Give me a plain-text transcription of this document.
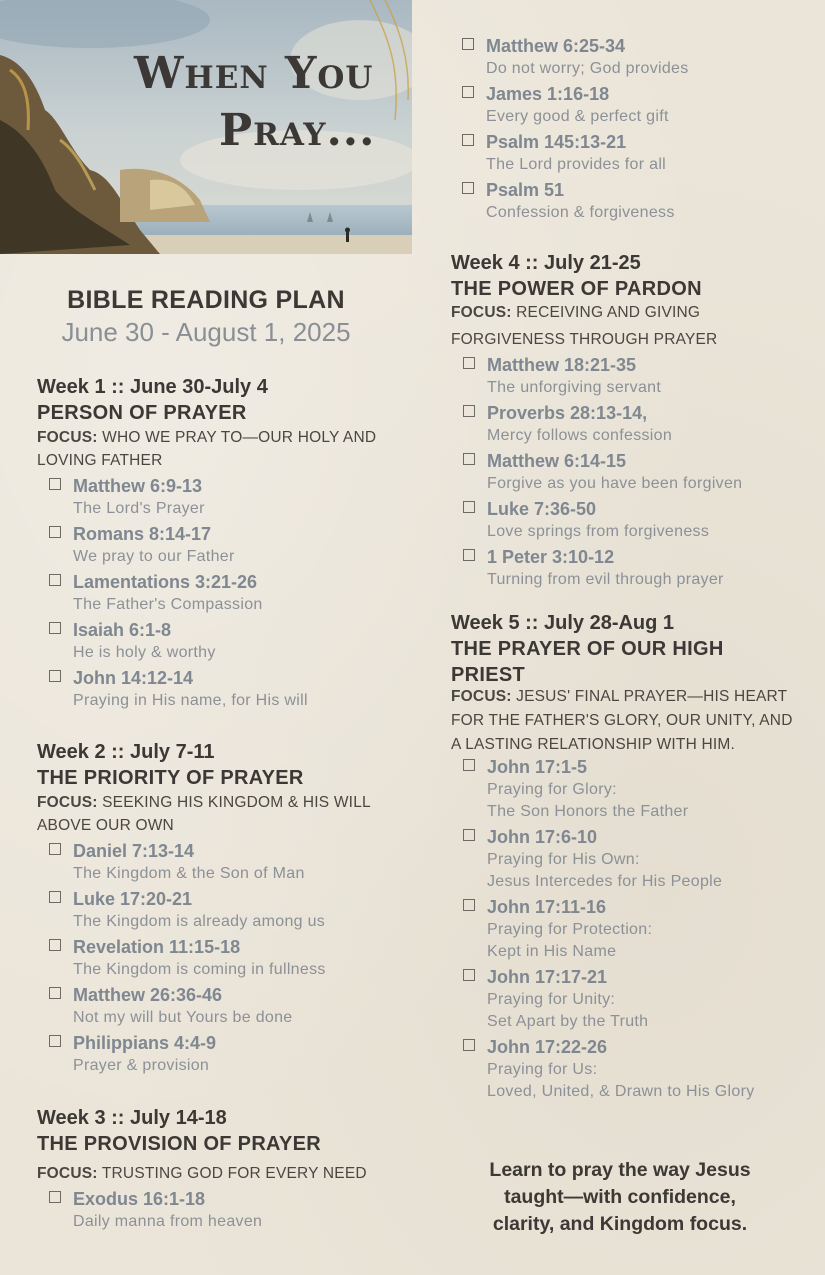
When You
Pray...
BIBLE READING PLAN
June 30 - August 1, 2025
Week 1 :: June 30-July 4
PERSON OF PRAYER
FOCUS: WHO WE PRAY TO—OUR HOLY AND LOVING FATHER
Matthew 6:9-13
The Lord's Prayer
Romans 8:14-17
We pray to our Father
Lamentations 3:21-26
The Father's Compassion
Isaiah 6:1-8
He is holy & worthy
John 14:12-14
Praying in His name, for His will
Week 2 :: July 7-11
THE PRIORITY OF PRAYER
FOCUS: SEEKING HIS KINGDOM & HIS WILL ABOVE OUR OWN
Daniel 7:13-14
The Kingdom & the Son of Man
Luke 17:20-21
The Kingdom is already among us
Revelation 11:15-18
The Kingdom is coming in fullness
Matthew 26:36-46
Not my will but Yours be done
Philippians 4:4-9
Prayer & provision
Week 3 :: July 14-18
THE PROVISION OF PRAYER
FOCUS: TRUSTING GOD FOR EVERY NEED
Exodus 16:1-18
Daily manna from heaven
Matthew 6:25-34
Do not worry; God provides
James 1:16-18
Every good & perfect gift
Psalm 145:13-21
The Lord provides for all
Psalm 51
Confession & forgiveness
Week 4 :: July 21-25
THE POWER OF PARDON
FOCUS: RECEIVING AND GIVING FORGIVENESS THROUGH PRAYER
Matthew 18:21-35
The unforgiving servant
Proverbs 28:13-14,
Mercy follows confession
Matthew 6:14-15
Forgive as you have been forgiven
Luke 7:36-50
Love springs from forgiveness
1 Peter 3:10-12
Turning from evil through prayer
Week 5 :: July 28-Aug 1
THE PRAYER OF OUR HIGH PRIEST
FOCUS: JESUS' FINAL PRAYER—HIS HEART FOR THE FATHER'S GLORY, OUR UNITY, AND A LASTING RELATIONSHIP WITH HIM.
John 17:1-5
Praying for Glory:
The Son Honors the Father
John 17:6-10
Praying for His Own:
Jesus Intercedes for His People
John 17:11-16
Praying for Protection:
Kept in His Name
John 17:17-21
Praying for Unity:
Set Apart by the Truth
John 17:22-26
Praying for Us:
Loved, United, & Drawn to His Glory
Learn to pray the way Jesus
taught—with confidence,
clarity, and Kingdom focus.
